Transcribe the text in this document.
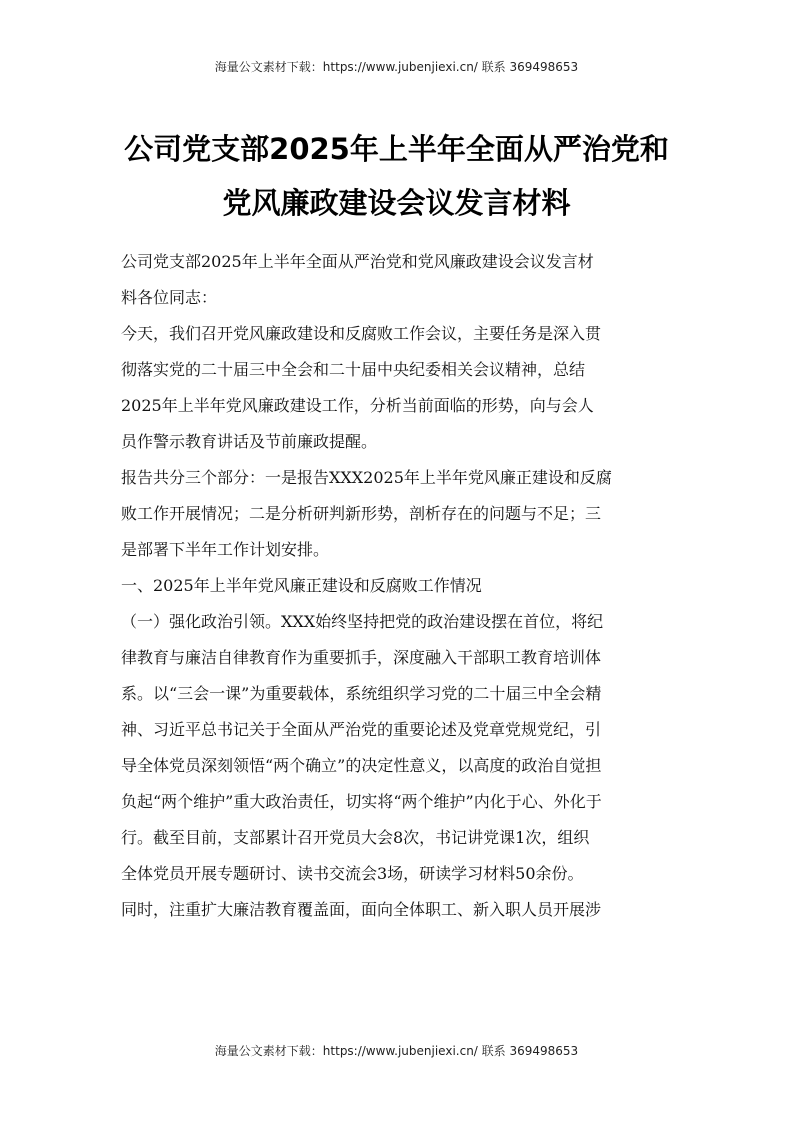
海量公文素材下载：https://www.jubenjiexi.cn/ 联系 369498653
公司党支部2025年上半年全面从严治党和
党风廉政建设会议发言材料
公司党支部2025年上半年全面从严治党和党风廉政建设会议发言材
料各位同志：
今天，我们召开党风廉政建设和反腐败工作会议，主要任务是深入贯
彻落实党的二十届三中全会和二十届中央纪委相关会议精神，总结
2025年上半年党风廉政建设工作，分析当前面临的形势，向与会人
员作警示教育讲话及节前廉政提醒。
报告共分三个部分：一是报告XXX2025年上半年党风廉正建设和反腐
败工作开展情况；二是分析研判新形势，剖析存在的问题与不足；三
是部署下半年工作计划安排。
一、2025年上半年党风廉正建设和反腐败工作情况
（一）强化政治引领。XXX始终坚持把党的政治建设摆在首位，将纪
律教育与廉洁自律教育作为重要抓手，深度融入干部职工教育培训体
系。以“三会一课”为重要载体，系统组织学习党的二十届三中全会精
神、习近平总书记关于全面从严治党的重要论述及党章党规党纪，引
导全体党员深刻领悟“两个确立”的决定性意义，以高度的政治自觉担
负起“两个维护”重大政治责任，切实将“两个维护”内化于心、外化于
行。截至目前，支部累计召开党员大会8次，书记讲党课1次，组织
全体党员开展专题研讨、读书交流会3场，研读学习材料50余份。
同时，注重扩大廉洁教育覆盖面，面向全体职工、新入职人员开展涉
海量公文素材下载：https://www.jubenjiexi.cn/ 联系 369498653
